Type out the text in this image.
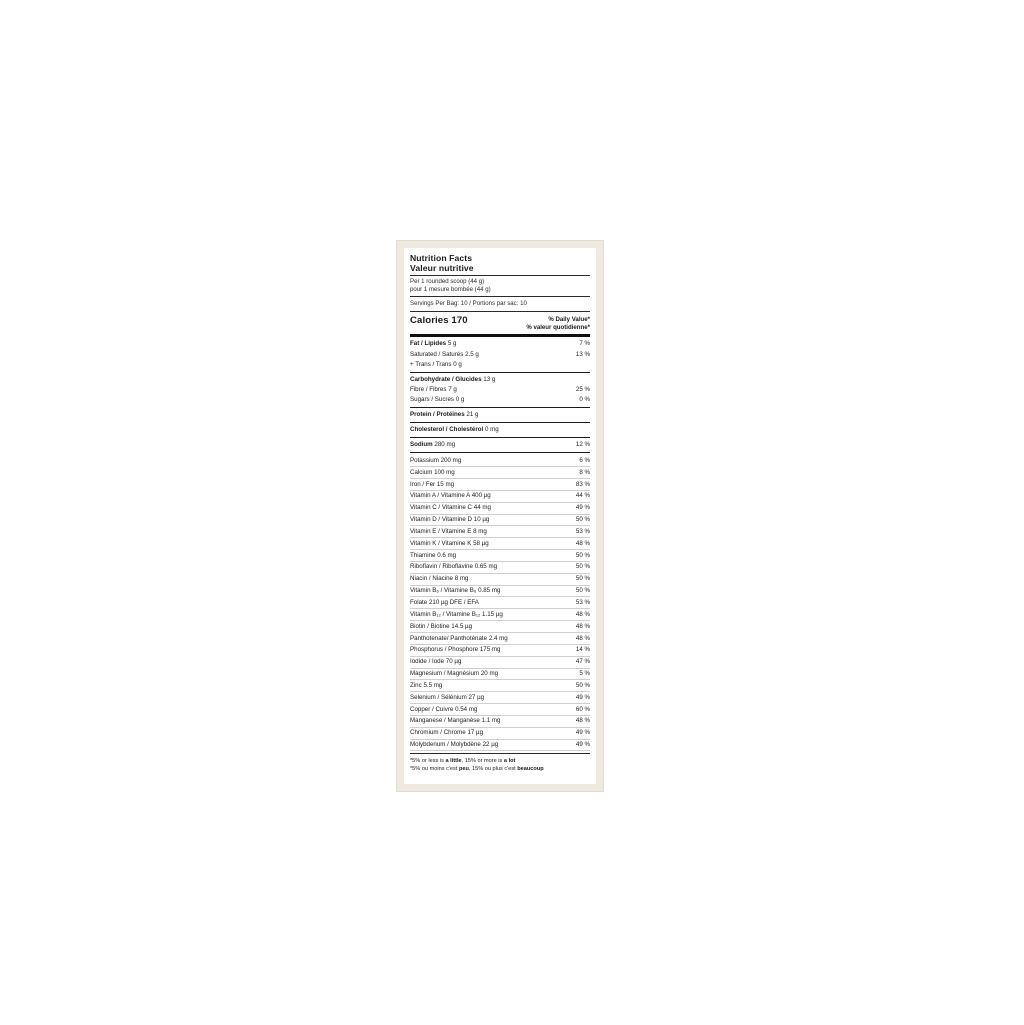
Nutrition Facts
Valeur nutritive
Per 1 rounded scoop (44 g)
pour 1 mesure bombée (44 g)
Servings Per Bag: 10 / Portions par sac: 10
Calories 170	% Daily Value*
% valeur quotidienne*
Fat / Lipides 5 g	7 %
Saturated / Saturés 2.5 g	13 %
+ Trans / Trans 0 g
Carbohydrate / Glucides 13 g
Fibre / Fibres 7 g	25 %
Sugars / Sucres 0 g	0 %
Protein / Protéines 21 g
Cholesterol / Cholestérol 0 mg
Sodium 280 mg	12 %
Potassium 200 mg	6 %
Calcium 100 mg	8 %
Iron / Fer 15 mg	83 %
Vitamin A / Vitamine A 400 µg	44 %
Vitamin C / Vitamine C 44 mg	49 %
Vitamin D / Vitamine D 10 µg	50 %
Vitamin E / Vitamine E 8 mg	53 %
Vitamin K / Vitamine K 58 µg	48 %
Thiamine 0.6 mg	50 %
Riboflavin / Riboflavine 0.65 mg	50 %
Niacin / Niacine 8 mg	50 %
Vitamin B₆ / Vitamine B₆ 0.85 mg	50 %
Folate 210 µg DFE / ÉFA	53 %
Vitamin B₁₂ / Vitamine B₁₂ 1.15 µg	48 %
Biotin / Biotine 14.5 µg	48 %
Panthotenate/ Panthoténate 2.4 mg	48 %
Phosphorus / Phosphore 175 mg	14 %
Iodide / Iode 70 µg	47 %
Magnesium / Magnésium 20 mg	5 %
Zinc 5.5 mg	50 %
Selenium / Sélénium 27 µg	49 %
Copper / Cuivre 0.54 mg	60 %
Manganese / Manganèse 1.1 mg	48 %
Chromium / Chrome 17 µg	49 %
Molybdenum / Molybdène 22 µg	49 %
*5% or less is a little, 15% or more is a lot
*5% ou moins c'est peu, 15% ou plus c'est beaucoup
